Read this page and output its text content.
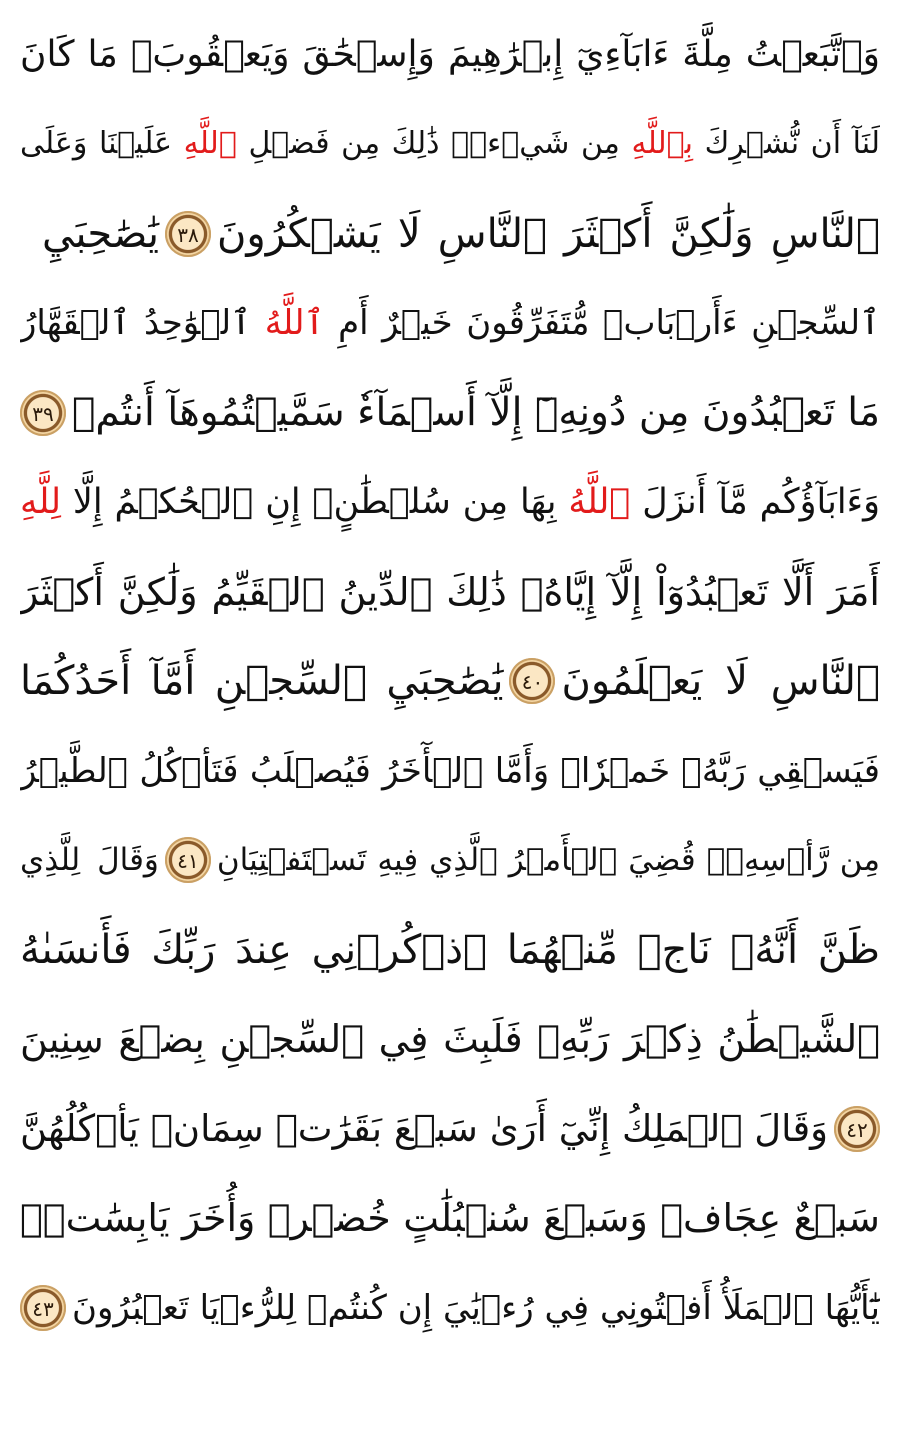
وَٱتَّبَعۡتُ مِلَّةَ ءَابَآءِيٓ إِبۡرَٰهِيمَ وَإِسۡحَٰقَ وَيَعۡقُوبَۚ مَا كَانَ
لَنَآ أَن نُّشۡرِكَ بِٱللَّهِ مِن شَيۡءٖۚ ذَٰلِكَ مِن فَضۡلِ ٱللَّهِ عَلَيۡنَا وَعَلَى
ٱلنَّاسِ وَلَٰكِنَّ أَكۡثَرَ ٱلنَّاسِ لَا يَشۡكُرُونَ
٣٨
يَٰصَٰحِبَيِ
ٱلسِّجۡنِ ءَأَرۡبَابٞ مُّتَفَرِّقُونَ خَيۡرٌ أَمِ ٱللَّهُ ٱلۡوَٰحِدُ ٱلۡقَهَّارُ
مَا تَعۡبُدُونَ مِن دُونِهِۦٓ إِلَّآ أَسۡمَآءٗ سَمَّيۡتُمُوهَآ أَنتُمۡ
٣٩
وَءَابَآؤُكُم مَّآ أَنزَلَ ٱللَّهُ بِهَا مِن سُلۡطَٰنٍۚ إِنِ ٱلۡحُكۡمُ إِلَّا لِلَّهِ
أَمَرَ أَلَّا تَعۡبُدُوٓاْ إِلَّآ إِيَّاهُۚ ذَٰلِكَ ٱلدِّينُ ٱلۡقَيِّمُ وَلَٰكِنَّ أَكۡثَرَ
ٱلنَّاسِ لَا يَعۡلَمُونَ
٤٠
يَٰصَٰحِبَيِ ٱلسِّجۡنِ أَمَّآ أَحَدُكُمَا
فَيَسۡقِي رَبَّهُۥ خَمۡرٗاۖ وَأَمَّا ٱلۡأٓخَرُ فَيُصۡلَبُ فَتَأۡكُلُ ٱلطَّيۡرُ
مِن رَّأۡسِهِۦۚ قُضِيَ ٱلۡأَمۡرُ ٱلَّذِي فِيهِ تَسۡتَفۡتِيَانِ
٤١
وَقَالَ لِلَّذِي
ظَنَّ أَنَّهُۥ نَاجٖ مِّنۡهُمَا ٱذۡكُرۡنِي عِندَ رَبِّكَ فَأَنسَىٰهُ
ٱلشَّيۡطَٰنُ ذِكۡرَ رَبِّهِۦ فَلَبِثَ فِي ٱلسِّجۡنِ بِضۡعَ سِنِينَ
٤٢
وَقَالَ ٱلۡمَلِكُ إِنِّيٓ أَرَىٰ سَبۡعَ بَقَرَٰتٖ سِمَانٖ يَأۡكُلُهُنَّ
سَبۡعٌ عِجَافٞ وَسَبۡعَ سُنۢبُلَٰتٍ خُضۡرٖ وَأُخَرَ يَابِسَٰتٖۖ
يَٰٓأَيُّهَا ٱلۡمَلَأُ أَفۡتُونِي فِي رُءۡيَٰيَ إِن كُنتُمۡ لِلرُّءۡيَا تَعۡبُرُونَ
٤٣
